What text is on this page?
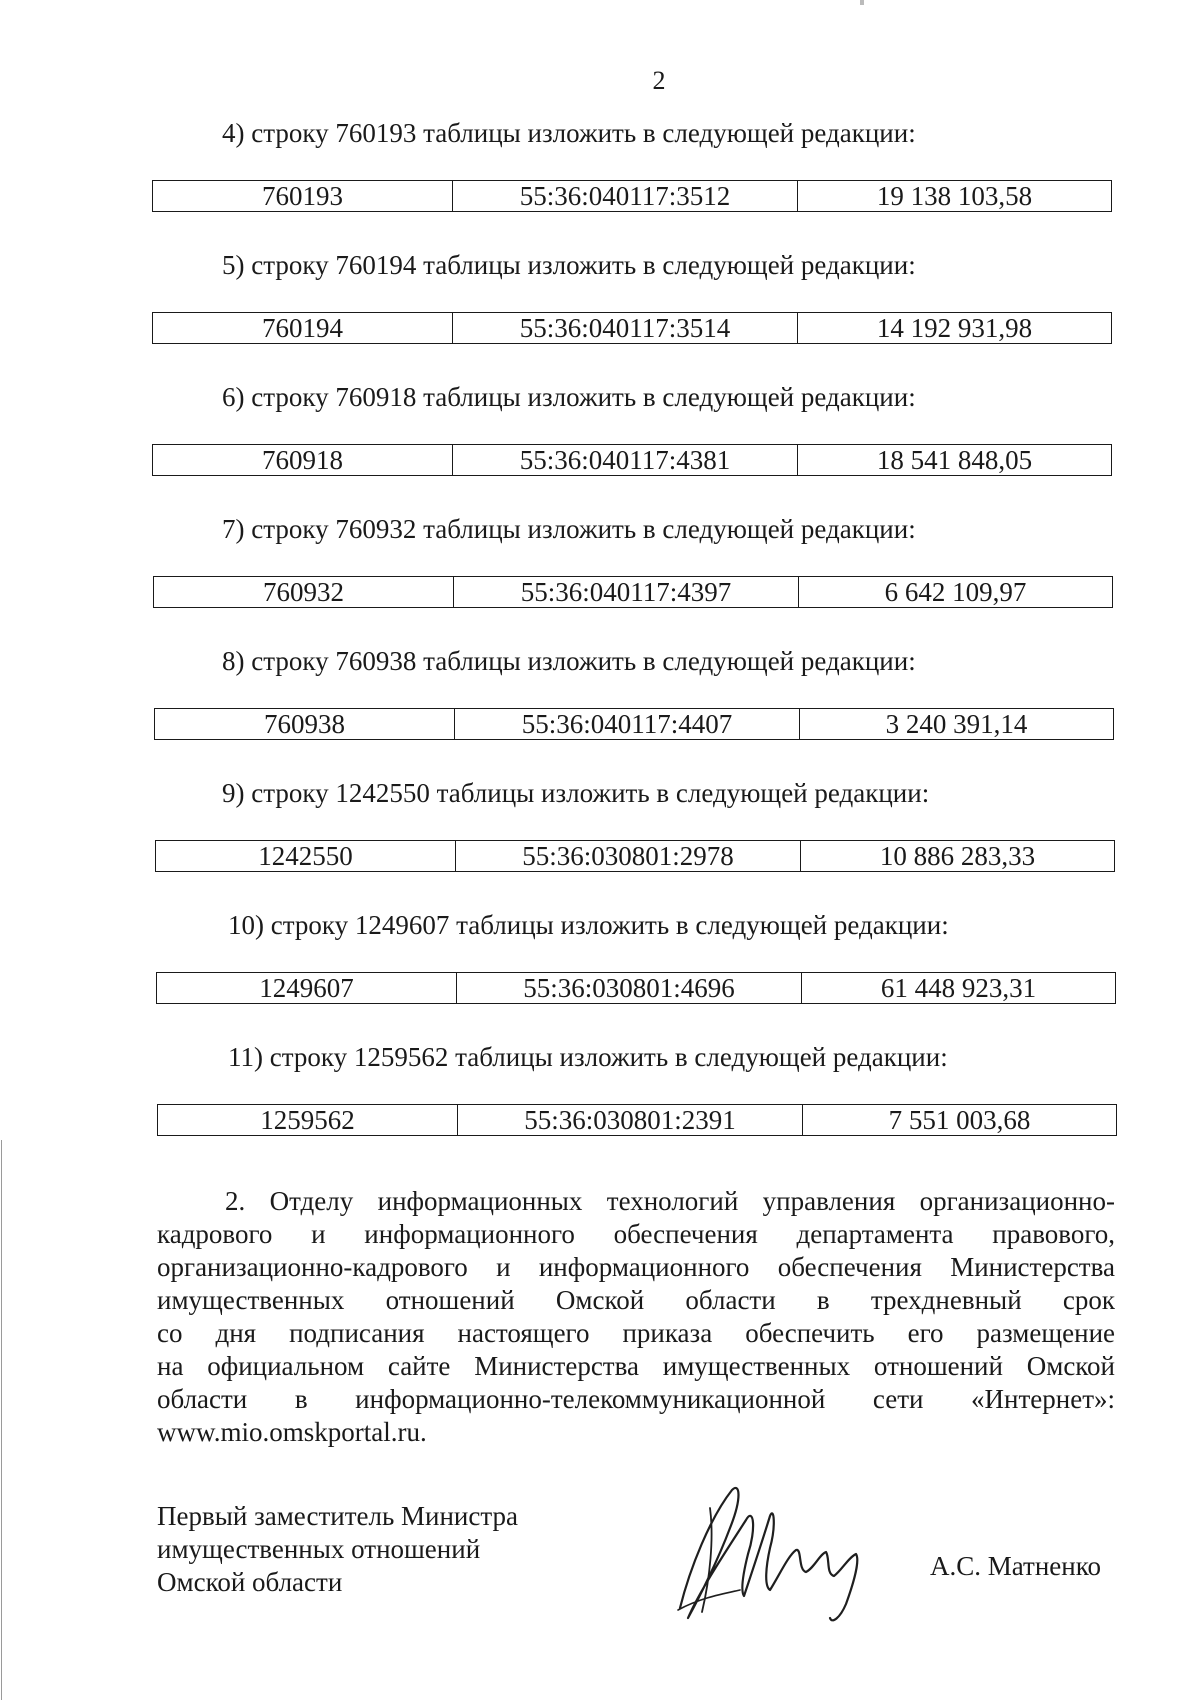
2
4) строку 760193 таблицы изложить в следующей редакции:
760193	55:36:040117:3512	19 138 103,58
5) строку 760194 таблицы изложить в следующей редакции:
760194	55:36:040117:3514	14 192 931,98
6) строку 760918 таблицы изложить в следующей редакции:
760918	55:36:040117:4381	18 541 848,05
7) строку 760932 таблицы изложить в следующей редакции:
760932	55:36:040117:4397	6 642 109,97
8) строку 760938 таблицы изложить в следующей редакции:
760938	55:36:040117:4407	3 240 391,14
9) строку 1242550 таблицы изложить в следующей редакции:
1242550	55:36:030801:2978	10 886 283,33
10) строку 1249607 таблицы изложить в следующей редакции:
1249607	55:36:030801:4696	61 448 923,31
11) строку 1259562 таблицы изложить в следующей редакции:
1259562	55:36:030801:2391	7 551 003,68
2. Отделу информационных технологий управления организационно-
кадрового и информационного обеспечения департамента правового,
организационно-кадрового и информационного обеспечения Министерства
имущественных отношений Омской области в трехдневный срок
со дня подписания настоящего приказа обеспечить его размещение
на официальном сайте Министерства имущественных отношений Омской
области в информационно-телекоммуникационной сети «Интернет»:
www.mio.omskportal.ru.
Первый заместитель Министра
имущественных отношений
Омской области
А.С. Матненко
